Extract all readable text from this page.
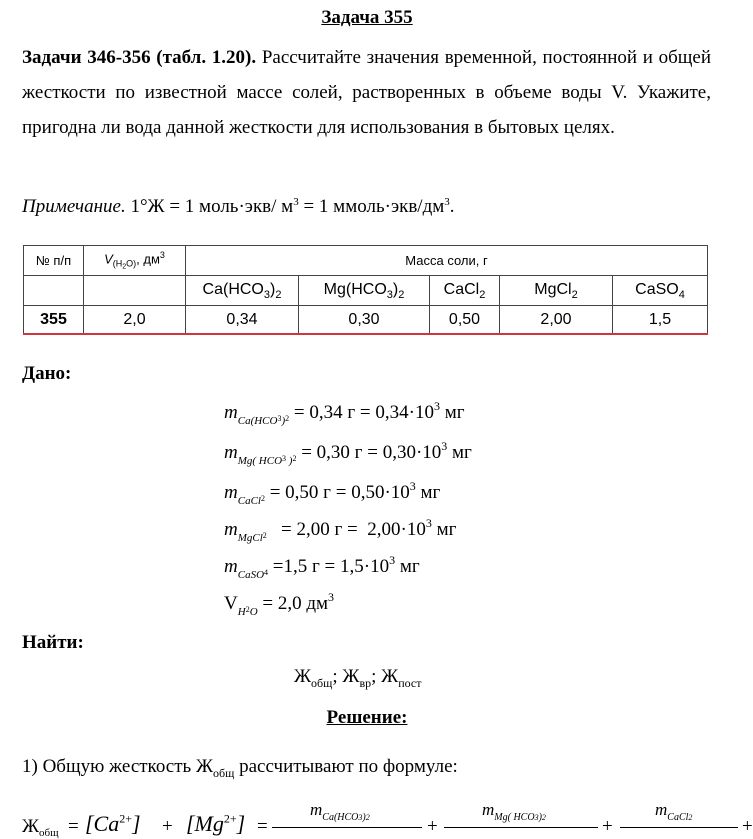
Задача 355
Задачи 346-356 (табл. 1.20). Рассчитайте значения временной, постоянной и общей жесткости по известной массе солей, растворенных в объеме воды V. Укажите, пригодна ли вода данной жесткости для использования в бытовых целях.
Примечание. 1°Ж = 1 моль·экв/ $м^3 = 1$ $ммоль\cdot экв/дм^3$.
№ п/п	$V_{(H2O)}$, $дм^3$	Масса соли, г				
		$Ca(HCO_3)_2$	$Mg(HCO_3)_2$	CaCl$_2$	MgCl$_2$	CaSO$_4$
355	2,0	0,34	0,30	0,50	2,00	1,5
Дано:
$m_{Ca(HCO}3_)2 = 0,34$ $г = 0,34\cdot 10^3$ мг
$m_{Mg( HCO}3$ $_)$2 = 0,30 $г = 0,30\cdot 10^3$ мг
$m_{CaCl}2 = 0,50$ $г = 0,50\cdot 10^3$ мг
$m_{MgCl}2 = 2,00$ $г = 2,00\cdot 10^3$ мг
$m_{CaSO}4 =1,5$ $г = 1,5\cdot 10^3$ мг
$V_H2_O = 2,0$ $дм^3$
Найти:
$Ж_{общ}$; $Ж_{вр}$; $Ж_{пост}$
Решение:
1) Общую жесткость $Ж_{общ}$ рассчитывают по формуле:
$Ж_{общ} = [Ca^{2+}] + [Mg^{2+}]$ =
$m_{Ca(HCO3)2}$	+
$m_{Mg( HCO3)2}$	+
$m_{CaCl2}$	+
